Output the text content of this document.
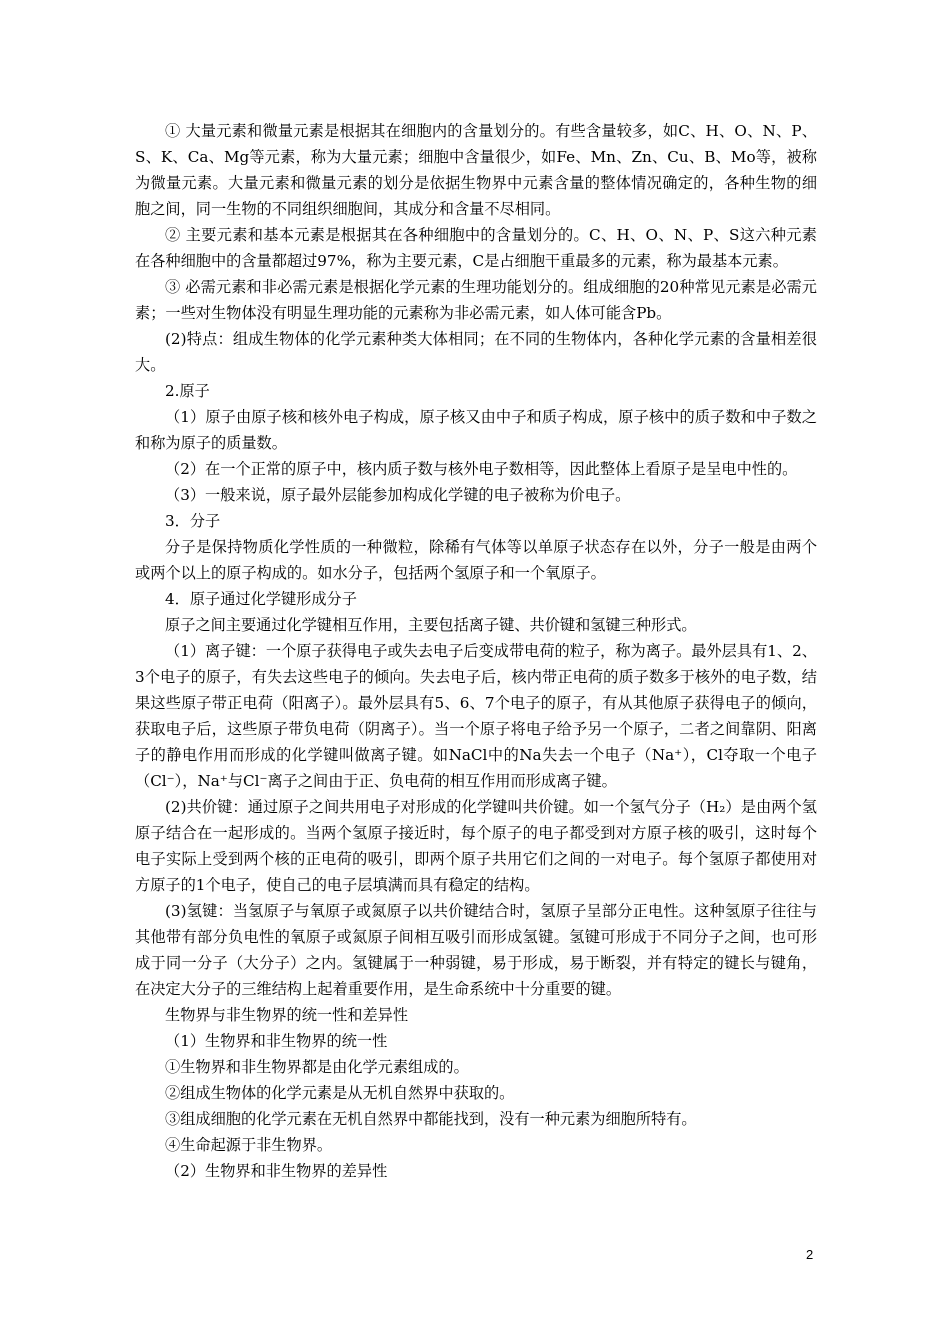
① 大量元素和微量元素是根据其在细胞内的含量划分的。有些含量较多，如C、H、O、N、P、S、K、Ca、Mg等元素，称为大量元素；细胞中含量很少，如Fe、Mn、Zn、Cu、B、Mo等，被称为微量元素。大量元素和微量元素的划分是依据生物界中元素含量的整体情况确定的，各种生物的细胞之间，同一生物的不同组织细胞间，其成分和含量不尽相同。

② 主要元素和基本元素是根据其在各种细胞中的含量划分的。C、H、O、N、P、S这六种元素在各种细胞中的含量都超过97%，称为主要元素，C是占细胞干重最多的元素，称为最基本元素。

③ 必需元素和非必需元素是根据化学元素的生理功能划分的。组成细胞的20种常见元素是必需元素；一些对生物体没有明显生理功能的元素称为非必需元素，如人体可能含Pb。

(2)特点：组成生物体的化学元素种类大体相同；在不同的生物体内，各种化学元素的含量相差很大。

2.原子

（1）原子由原子核和核外电子构成，原子核又由中子和质子构成，原子核中的质子数和中子数之和称为原子的质量数。

（2）在一个正常的原子中，核内质子数与核外电子数相等，因此整体上看原子是呈电中性的。

（3）一般来说，原子最外层能参加构成化学键的电子被称为价电子。

3．分子

分子是保持物质化学性质的一种微粒，除稀有气体等以单原子状态存在以外，分子一般是由两个或两个以上的原子构成的。如水分子，包括两个氢原子和一个氧原子。

4．原子通过化学键形成分子

原子之间主要通过化学键相互作用，主要包括离子键、共价键和氢键三种形式。

（1）离子键：一个原子获得电子或失去电子后变成带电荷的粒子，称为离子。最外层具有1、2、3个电子的原子，有失去这些电子的倾向。失去电子后，核内带正电荷的质子数多于核外的电子数，结果这些原子带正电荷（阳离子）。最外层具有5、6、7个电子的原子，有从其他原子获得电子的倾向，获取电子后，这些原子带负电荷（阴离子）。当一个原子将电子给予另一个原子，二者之间靠阴、阳离子的静电作用而形成的化学键叫做离子键。如NaCl中的Na失去一个电子（Na⁺），Cl夺取一个电子（Cl⁻），Na⁺与Cl⁻离子之间由于正、负电荷的相互作用而形成离子键。

(2)共价键：通过原子之间共用电子对形成的化学键叫共价键。如一个氢气分子（H₂）是由两个氢原子结合在一起形成的。当两个氢原子接近时，每个原子的电子都受到对方原子核的吸引，这时每个电子实际上受到两个核的正电荷的吸引，即两个原子共用它们之间的一对电子。每个氢原子都使用对方原子的1个电子，使自己的电子层填满而具有稳定的结构。

(3)氢键：当氢原子与氧原子或氮原子以共价键结合时，氢原子呈部分正电性。这种氢原子往往与其他带有部分负电性的氧原子或氮原子间相互吸引而形成氢键。氢键可形成于不同分子之间，也可形成于同一分子（大分子）之内。氢键属于一种弱键，易于形成，易于断裂，并有特定的键长与键角，在决定大分子的三维结构上起着重要作用，是生命系统中十分重要的键。

生物界与非生物界的统一性和差异性

（1）生物界和非生物界的统一性

①生物界和非生物界都是由化学元素组成的。

②组成生物体的化学元素是从无机自然界中获取的。

③组成细胞的化学元素在无机自然界中都能找到，没有一种元素为细胞所特有。

④生命起源于非生物界。

（2）生物界和非生物界的差异性

2
